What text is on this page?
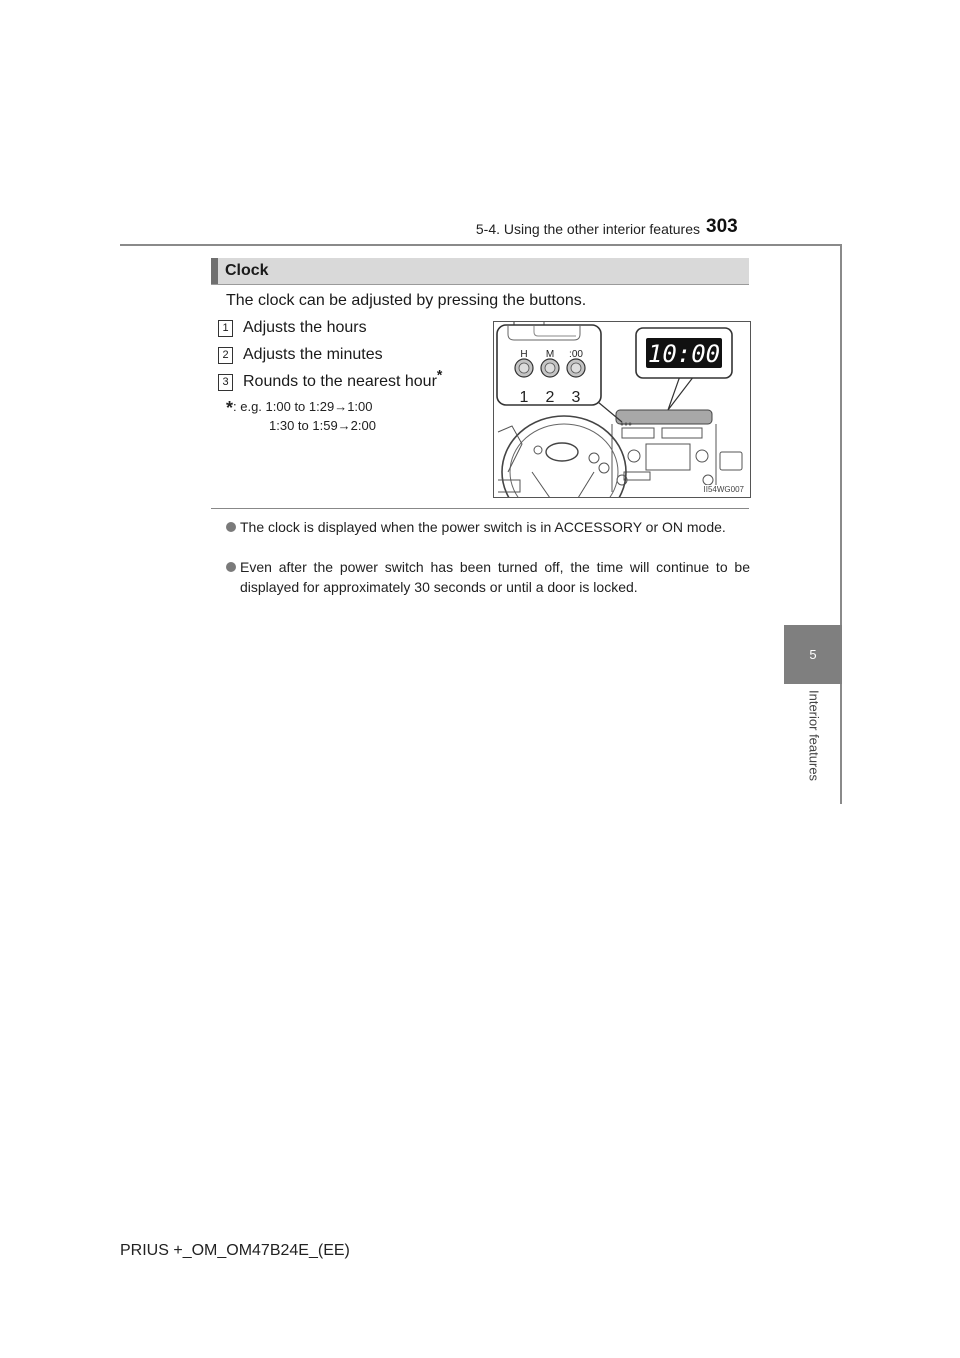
5-4. Using the other interior features 303
5
Interior features
Clock
The clock can be adjusted by pressing the buttons.
1 Adjusts the hours
2 Adjusts the minutes
3 Rounds to the nearest hour*
*: e.g. 1:00 to 1:29→1:00
1:30 to 1:59→2:00
H M :00
1 2 3
10:00
II54WG007
The clock is displayed when the power switch is in ACCESSORY or ON mode.
Even after the power switch has been turned off, the time will continue to be displayed for approximately 30 seconds or until a door is locked.
PRIUS +_OM_OM47B24E_(EE)
